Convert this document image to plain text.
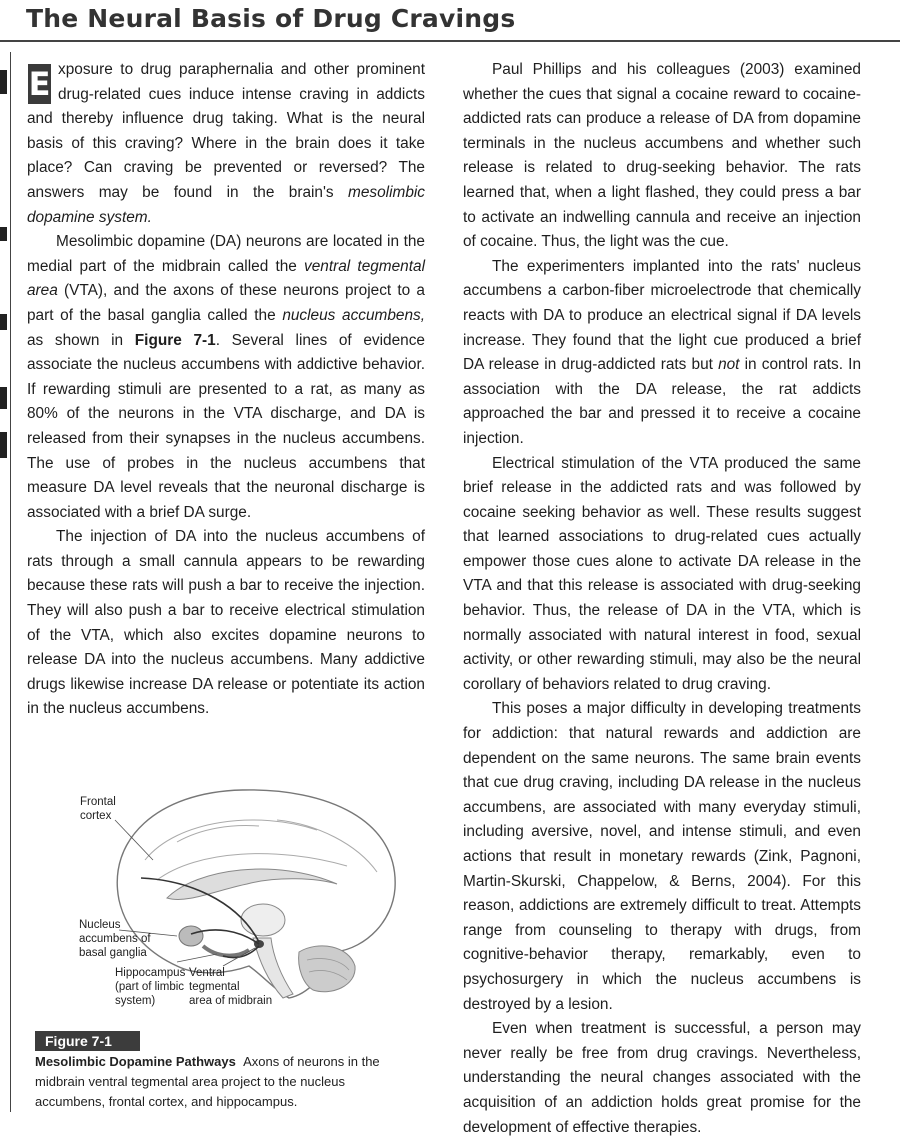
The Neural Basis of Drug Cravings

E xposure to drug paraphernalia and other prominent drug-related cues induce intense craving in addicts and thereby influence drug taking. What is the neural basis of this craving? Where in the brain does it take place? Can craving be prevented or reversed? The answers may be found in the brain's mesolimbic dopamine system.

Mesolimbic dopamine (DA) neurons are located in the medial part of the midbrain called the ventral tegmental area (VTA), and the axons of these neurons project to a part of the basal ganglia called the nucleus accumbens, as shown in Figure 7-1. Several lines of evidence associate the nucleus accumbens with addictive behavior. If rewarding stimuli are presented to a rat, as many as 80% of the neurons in the VTA discharge, and DA is released from their synapses in the nucleus accumbens. The use of probes in the nucleus accumbens that measure DA level reveals that the neuronal discharge is associated with a brief DA surge.

The injection of DA into the nucleus accumbens of rats through a small cannula appears to be rewarding because these rats will push a bar to receive the injection. They will also push a bar to receive electrical stimulation of the VTA, which also excites dopamine neurons to release DA into the nucleus accumbens. Many addictive drugs likewise increase DA release or potentiate its action in the nucleus accumbens.

Frontal
cortex
Nucleus
accumbens of
basal ganglia
Hippocampus
(part of limbic
system)
Ventral
tegmental
area of midbrain
Figure 7-1
Mesolimbic Dopamine Pathways Axons of neurons in the midbrain ventral tegmental area project to the nucleus accumbens, frontal cortex, and hippocampus.

Paul Phillips and his colleagues (2003) examined whether the cues that signal a cocaine reward to cocaine-addicted rats can produce a release of DA from dopamine terminals in the nucleus accumbens and whether such release is related to drug-seeking behavior. The rats learned that, when a light flashed, they could press a bar to activate an indwelling cannula and receive an injection of cocaine. Thus, the light was the cue.

The experimenters implanted into the rats' nucleus accumbens a carbon-fiber microelectrode that chemically reacts with DA to produce an electrical signal if DA levels increase. They found that the light cue produced a brief DA release in drug-addicted rats but not in control rats. In association with the DA release, the rat addicts approached the bar and pressed it to receive a cocaine injection.

Electrical stimulation of the VTA produced the same brief release in the addicted rats and was followed by cocaine seeking behavior as well. These results suggest that learned associations to drug-related cues actually empower those cues alone to activate DA release in the VTA and that this release is associated with drug-seeking behavior. Thus, the release of DA in the VTA, which is normally associated with natural interest in food, sexual activity, or other rewarding stimuli, may also be the neural corollary of behaviors related to drug craving.

This poses a major difficulty in developing treatments for addiction: that natural rewards and addiction are dependent on the same neurons. The same brain events that cue drug craving, including DA release in the nucleus accumbens, are associated with many everyday stimuli, including aversive, novel, and intense stimuli, and even actions that result in monetary rewards (Zink, Pagnoni, Martin-Skurski, Chappelow, & Berns, 2004). For this reason, addictions are extremely difficult to treat. Attempts range from counseling to therapy with drugs, from cognitive-behavior therapy, remarkably, even to psychosurgery in which the nucleus accumbens is destroyed by a lesion.

Even when treatment is successful, a person may never really be free from drug cravings. Nevertheless, understanding the neural changes associated with the acquisition of an addiction holds great promise for the development of effective therapies.
